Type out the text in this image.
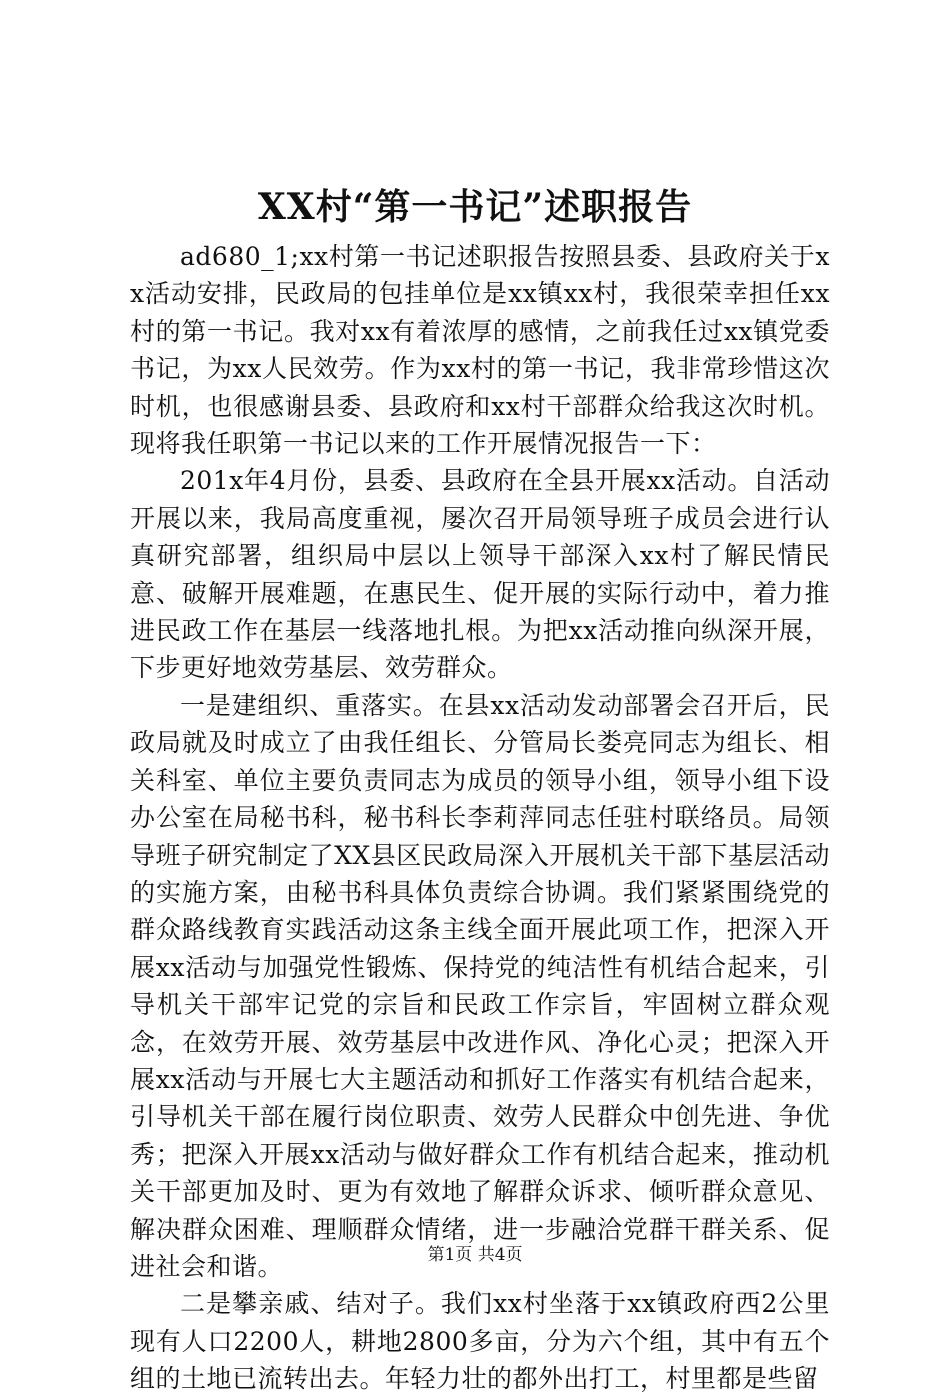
XX村“第一书记”述职报告

ad680_1;xx村第一书记述职报告按照县委、县政府关于xx活动安排，民政局的包挂单位是xx镇xx村，我很荣幸担任xx村的第一书记。我对xx有着浓厚的感情，之前我任过xx镇党委书记，为xx人民效劳。作为xx村的第一书记，我非常珍惜这次时机，也很感谢县委、县政府和xx村干部群众给我这次时机。现将我任职第一书记以来的工作开展情况报告一下：

201x年4月份，县委、县政府在全县开展xx活动。自活动开展以来，我局高度重视，屡次召开局领导班子成员会进行认真研究部署，组织局中层以上领导干部深入xx村了解民情民意、破解开展难题，在惠民生、促开展的实际行动中，着力推进民政工作在基层一线落地扎根。为把xx活动推向纵深开展，下步更好地效劳基层、效劳群众。

一是建组织、重落实。在县xx活动发动部署会召开后，民政局就及时成立了由我任组长、分管局长娄亮同志为组长、相关科室、单位主要负责同志为成员的领导小组，领导小组下设办公室在局秘书科，秘书科长李莉萍同志任驻村联络员。局领导班子研究制定了XX县区民政局深入开展机关干部下基层活动的实施方案，由秘书科具体负责综合协调。我们紧紧围绕党的群众路线教育实践活动这条主线全面开展此项工作，把深入开展xx活动与加强党性锻炼、保持党的纯洁性有机结合起来，引导机关干部牢记党的宗旨和民政工作宗旨，牢固树立群众观念，在效劳开展、效劳基层中改进作风、净化心灵；把深入开展xx活动与开展七大主题活动和抓好工作落实有机结合起来，引导机关干部在履行岗位职责、效劳人民群众中创先进、争优秀；把深入开展xx活动与做好群众工作有机结合起来，推动机关干部更加及时、更为有效地了解群众诉求、倾听群众意见、解决群众困难、理顺群众情绪，进一步融洽党群干群关系、促进社会和谐。

二是攀亲戚、结对子。我们xx村坐落于xx镇政府西2公里现有人口2200人，耕地2800多亩，分为六个组，其中有五个组的土地已流转出去。年轻力壮的都外出打工，村里都是些留

第1页 共4页
